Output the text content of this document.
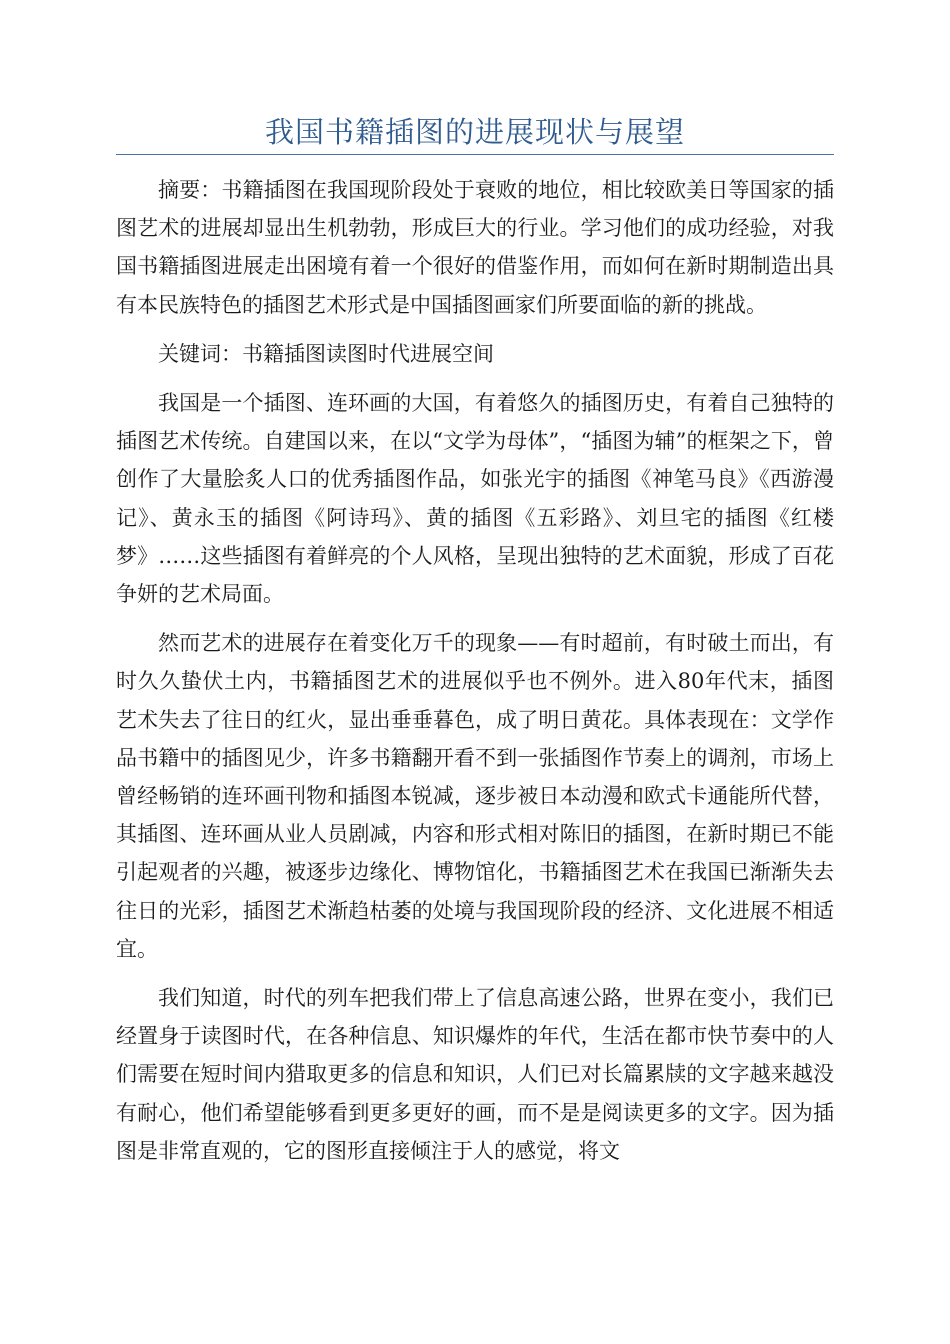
我国书籍插图的进展现状与展望

摘要：书籍插图在我国现阶段处于衰败的地位，相比较欧美日等国家的插图艺术的进展却显出生机勃勃，形成巨大的行业。学习他们的成功经验，对我国书籍插图进展走出困境有着一个很好的借鉴作用，而如何在新时期制造出具有本民族特色的插图艺术形式是中国插图画家们所要面临的新的挑战。

关键词：书籍插图读图时代进展空间

我国是一个插图、连环画的大国，有着悠久的插图历史，有着自己独特的插图艺术传统。自建国以来，在以“文学为母体”，“插图为辅”的框架之下，曾创作了大量脍炙人口的优秀插图作品，如张光宇的插图《神笔马良》《西游漫记》、黄永玉的插图《阿诗玛》、黄的插图《五彩路》、刘旦宅的插图《红楼梦》……这些插图有着鲜亮的个人风格，呈现出独特的艺术面貌，形成了百花争妍的艺术局面。

然而艺术的进展存在着变化万千的现象——有时超前，有时破土而出，有时久久蛰伏土内，书籍插图艺术的进展似乎也不例外。进入80年代末，插图艺术失去了往日的红火，显出垂垂暮色，成了明日黄花。具体表现在：文学作品书籍中的插图见少，许多书籍翻开看不到一张插图作节奏上的调剂，市场上曾经畅销的连环画刊物和插图本锐减，逐步被日本动漫和欧式卡通能所代替，其插图、连环画从业人员剧减，内容和形式相对陈旧的插图，在新时期已不能引起观者的兴趣，被逐步边缘化、博物馆化，书籍插图艺术在我国已渐渐失去往日的光彩，插图艺术渐趋枯萎的处境与我国现阶段的经济、文化进展不相适宜。

我们知道，时代的列车把我们带上了信息高速公路，世界在变小，我们已经置身于读图时代，在各种信息、知识爆炸的年代，生活在都市快节奏中的人们需要在短时间内猎取更多的信息和知识，人们已对长篇累牍的文字越来越没有耐心，他们希望能够看到更多更好的画，而不是是阅读更多的文字。因为插图是非常直观的，它的图形直接倾注于人的感觉，将文
